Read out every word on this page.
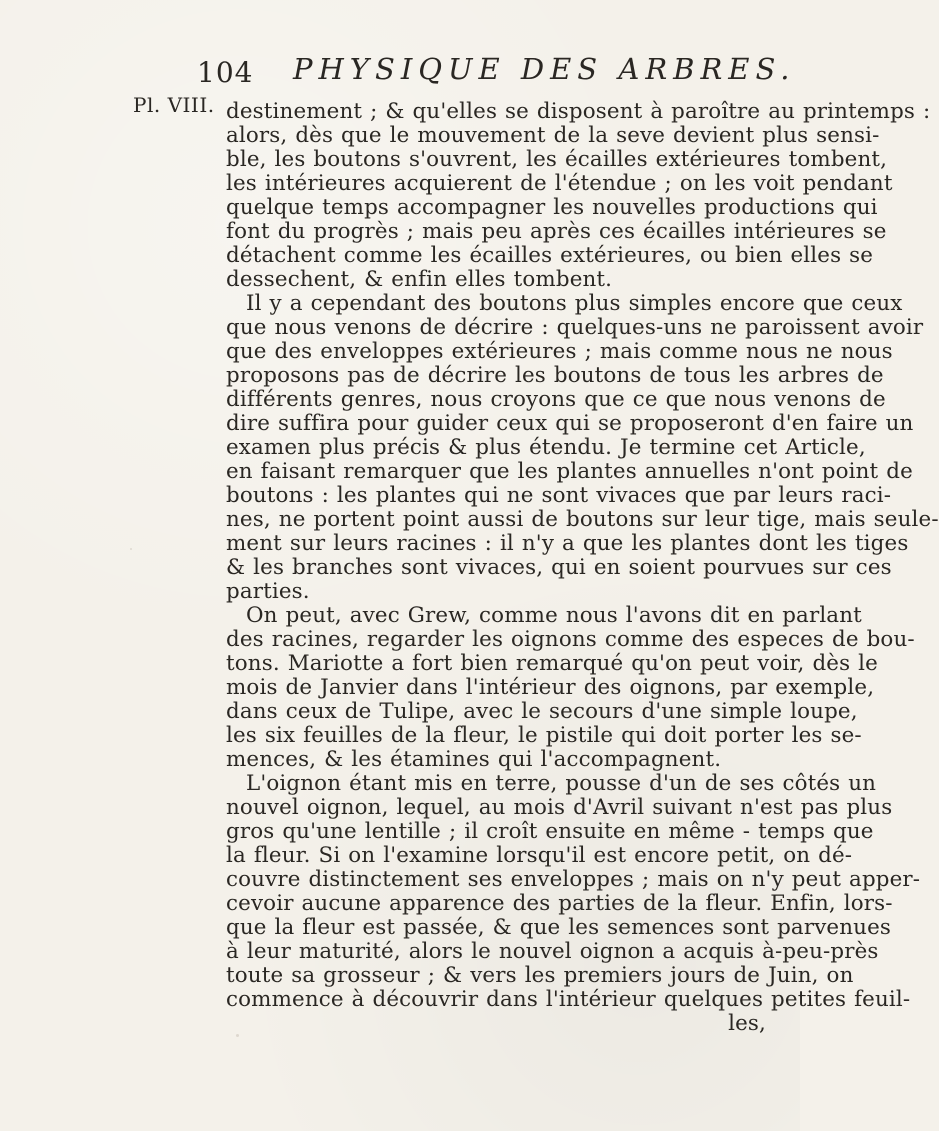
104 PHYSIQUE DES ARBRES.
Pl. VIII. destinement ; & qu'elles se disposent à paroître au printemps :
alors, dès que le mouvement de la seve devient plus sensi-
ble, les boutons s'ouvrent, les écailles extérieures tombent,
les intérieures acquierent de l'étendue ; on les voit pendant
quelque temps accompagner les nouvelles productions qui
font du progrès ; mais peu après ces écailles intérieures se
détachent comme les écailles extérieures, ou bien elles se
dessechent, & enfin elles tombent.
Il y a cependant des boutons plus simples encore que ceux
que nous venons de décrire : quelques-uns ne paroissent avoir
que des enveloppes extérieures ; mais comme nous ne nous
proposons pas de décrire les boutons de tous les arbres de
différents genres, nous croyons que ce que nous venons de
dire suffira pour guider ceux qui se proposeront d'en faire un
examen plus précis & plus étendu. Je termine cet Article,
en faisant remarquer que les plantes annuelles n'ont point de
boutons : les plantes qui ne sont vivaces que par leurs raci-
nes, ne portent point aussi de boutons sur leur tige, mais seule-
ment sur leurs racines : il n'y a que les plantes dont les tiges
& les branches sont vivaces, qui en soient pourvues sur ces
parties.
On peut, avec Grew, comme nous l'avons dit en parlant
des racines, regarder les oignons comme des especes de bou-
tons. Mariotte a fort bien remarqué qu'on peut voir, dès le
mois de Janvier dans l'intérieur des oignons, par exemple,
dans ceux de Tulipe, avec le secours d'une simple loupe,
les six feuilles de la fleur, le pistile qui doit porter les se-
mences, & les étamines qui l'accompagnent.
L'oignon étant mis en terre, pousse d'un de ses côtés un
nouvel oignon, lequel, au mois d'Avril suivant n'est pas plus
gros qu'une lentille ; il croît ensuite en même - temps que
la fleur. Si on l'examine lorsqu'il est encore petit, on dé-
couvre distinctement ses enveloppes ; mais on n'y peut apper-
cevoir aucune apparence des parties de la fleur. Enfin, lors-
que la fleur est passée, & que les semences sont parvenues
à leur maturité, alors le nouvel oignon a acquis à-peu-près
toute sa grosseur ; & vers les premiers jours de Juin, on
commence à découvrir dans l'intérieur quelques petites feuil-
les,
